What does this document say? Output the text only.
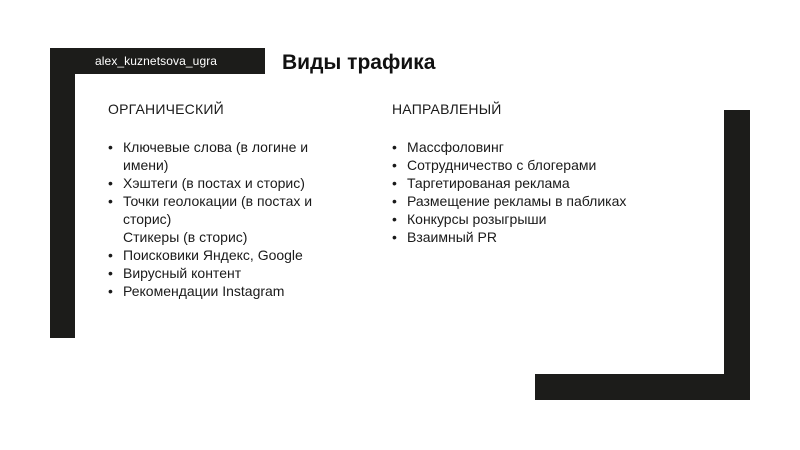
alex_kuznetsova_ugra	Виды трафика
ОРГАНИЧЕСКИЙ
• Ключевые слова (в логине и имени)
• Хэштеги (в постах и сторис)
• Точки геолокации (в постах и сторис)
Стикеры (в сторис)
• Поисковики Яндекс, Google
• Вирусный контент
• Рекомендации Instagram
НАПРАВЛЕНЫЙ
• Массфоловинг
• Сотрудничество с блогерами
• Таргетированая реклама
• Размещение рекламы в пабликах
• Конкурсы розыгрыши
• Взаимный PR
